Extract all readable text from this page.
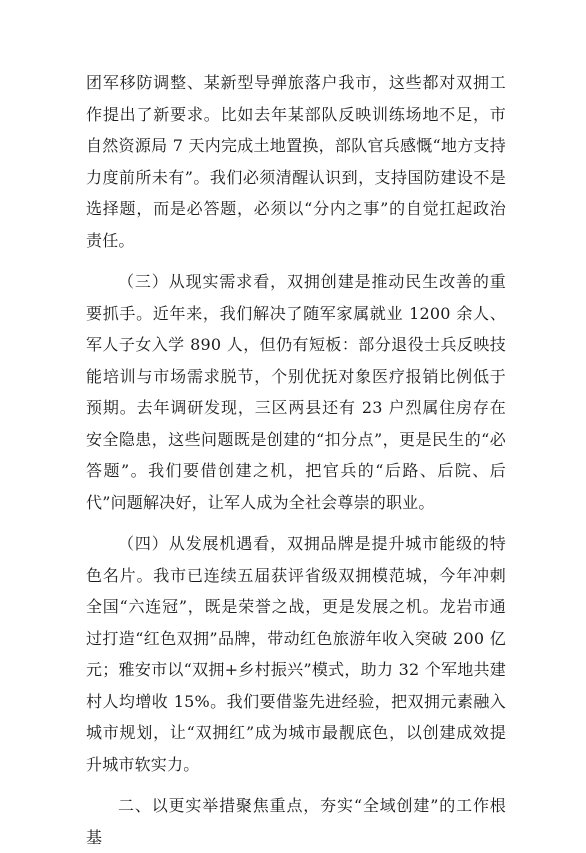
团军移防调整、某新型导弹旅落户我市，这些都对双拥工作提出了新要求。比如去年某部队反映训练场地不足，市自然资源局 7 天内完成土地置换，部队官兵感慨“地方支持力度前所未有”。我们必须清醒认识到，支持国防建设不是选择题，而是必答题，必须以“分内之事”的自觉扛起政治责任。

（三）从现实需求看，双拥创建是推动民生改善的重要抓手。近年来，我们解决了随军家属就业 1200 余人、军人子女入学 890 人，但仍有短板：部分退役士兵反映技能培训与市场需求脱节，个别优抚对象医疗报销比例低于预期。去年调研发现，三区两县还有 23 户烈属住房存在安全隐患，这些问题既是创建的“扣分点”，更是民生的“必答题”。我们要借创建之机，把官兵的“后路、后院、后代”问题解决好，让军人成为全社会尊崇的职业。

（四）从发展机遇看，双拥品牌是提升城市能级的特色名片。我市已连续五届获评省级双拥模范城，今年冲刺全国“六连冠”，既是荣誉之战，更是发展之机。龙岩市通过打造“红色双拥”品牌，带动红色旅游年收入突破 200 亿元；雅安市以“双拥+乡村振兴”模式，助力 32 个军地共建村人均增收 15%。我们要借鉴先进经验，把双拥元素融入城市规划，让“双拥红”成为城市最靓底色，以创建成效提升城市软实力。

二、以更实举措聚焦重点，夯实“全域创建”的工作根基
